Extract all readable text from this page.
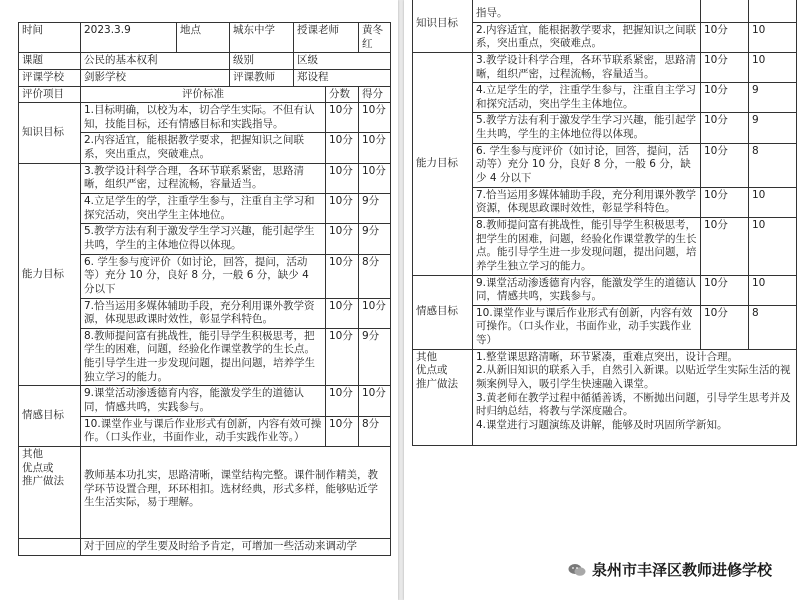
时间	2023.3.9	地点	城东中学	授课老师		黄冬红
课题	公民的基本权利		级别	区级		
评课学校	剑影学校		评课教师	郑设程		
评价项目	评价标准				分数	得分
知识目标	1.目标明确，以校为本，切合学生实际。不但有认知，技能目标，还有情感目标和实践指导。				10分	10分
	2.内容适宜，能根据教学要求，把握知识之间联系，突出重点，突破难点。				10分	10分
能力目标	3.教学设计科学合理，各环节联系紧密，思路清晰，组织严密，过程流畅，容量适当。				10分	10分
	4.立足学生的学，注重学生参与，注重自主学习和探究活动，突出学生主体地位。				10分	9分
	5.教学方法有利于激发学生学习兴趣，能引起学生共鸣，学生的主体地位得以体现。				10分	9分
	6. 学生参与度评价（如讨论，回答，提问，活动等）充分 10 分，良好 8 分，一般 6 分，缺少 4 分以下				10分	8分
	7.恰当运用多媒体辅助手段，充分利用课外教学资源，体现思政课时效性，彰显学科特色。				10分	10分
	8.教师提问富有挑战性，能引导学生积极思考，把学生的困难，问题，经验化作课堂教学的生长点。能引导学生进一步发现问题，提出问题，培养学生独立学习的能力。				10分	9分
情感目标	9.课堂活动渗透德育内容，能激发学生的道德认同，情感共鸣，实践参与。				10分	10分
	10.课堂作业与课后作业形式有创新，内容有效可操作。（口头作业，书面作业，动手实践作业等。）				10分	8分
其他
优点或
推广做法	教师基本功扎实，思路清晰，课堂结构完整。课件制作精美，教学环节设置合理，环环相扣。选材经典，形式多样，能够贴近学生生活实际，易于理解。					
	对于回应的学生要及时给予肯定，可增加一些活动来调动学					
知识目标	指导。		
	2.内容适宜，能根据教学要求，把握知识之间联系，突出重点，突破难点。	10分	10
能力目标	3.教学设计科学合理，各环节联系紧密，思路清晰，组织严密，过程流畅，容量适当。	10分	10
	4.立足学生的学，注重学生参与，注重自主学习和探究活动，突出学生主体地位。	10分	9
	5.教学方法有利于激发学生学习兴趣，能引起学生共鸣，学生的主体地位得以体现。	10分	9
	6. 学生参与度评价（如讨论，回答，提问，活动等）充分 10 分，良好 8 分，一般 6 分，缺少 4 分以下	10分	8
	7.恰当运用多媒体辅助手段，充分利用课外教学资源，体现思政课时效性，彰显学科特色。	10分	10
	8.教师提问富有挑战性，能引导学生积极思考，把学生的困难，问题，经验化作课堂教学的生长点。能引导学生进一步发现问题，提出问题，培养学生独立学习的能力。	10分	10
情感目标	9.课堂活动渗透德育内容，能激发学生的道德认同，情感共鸣，实践参与。	10分	10
	10.课堂作业与课后作业形式有创新，内容有效可操作。（口头作业，书面作业，动手实践作业等）	10分	8
其他
优点或
推广做法	1.整堂课思路清晰，环节紧凑，重难点突出，设计合理。
2.从新旧知识的联系入手，自然引入新课。以贴近学生实际生活的视频案例导入，吸引学生快速融入课堂。
3.黄老师在教学过程中循循善诱，不断抛出问题，引导学生思考并及时归纳总结，将教与学深度融合。
4.课堂进行习题演练及讲解，能够及时巩固所学新知。		
泉州市丰泽区教师进修学校
